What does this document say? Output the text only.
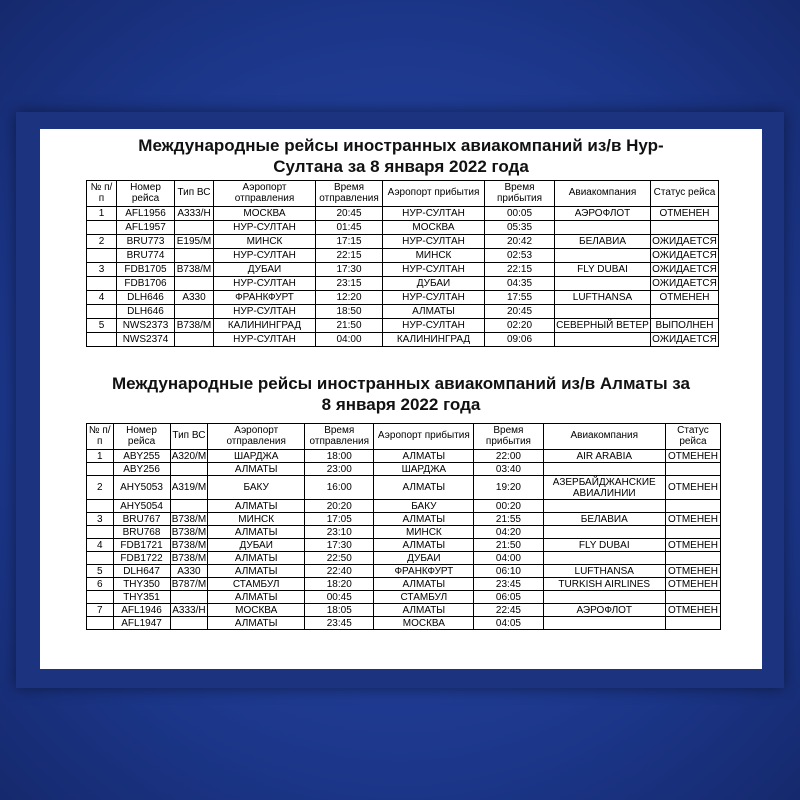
Международные рейсы иностранных авиакомпаний из/в Нур-
Султана за 8 января 2022 года
№ п/п	Номер рейса	Тип ВС	Аэропорт отправления	Время отправления	Аэропорт прибытия	Время прибытия	Авиакомпания	Статус рейса
1	AFL1956	A333/H	МОСКВА	20:45	НУР-СУЛТАН	00:05	АЭРОФЛОТ	ОТМЕНЕН
	AFL1957		НУР-СУЛТАН	01:45	МОСКВА	05:35		
2	BRU773	E195/M	МИНСК	17:15	НУР-СУЛТАН	20:42	БЕЛАВИА	ОЖИДАЕТСЯ
	BRU774		НУР-СУЛТАН	22:15	МИНСК	02:53		ОЖИДАЕТСЯ
3	FDB1705	B738/M	ДУБАИ	17:30	НУР-СУЛТАН	22:15	FLY DUBAI	ОЖИДАЕТСЯ
	FDB1706		НУР-СУЛТАН	23:15	ДУБАИ	04:35		ОЖИДАЕТСЯ
4	DLH646	A330	ФРАНКФУРТ	12:20	НУР-СУЛТАН	17:55	LUFTHANSA	ОТМЕНЕН
	DLH646		НУР-СУЛТАН	18:50	АЛМАТЫ	20:45		
5	NWS2373	B738/M	КАЛИНИНГРАД	21:50	НУР-СУЛТАН	02:20	СЕВЕРНЫЙ ВЕТЕР	ВЫПОЛНЕН
	NWS2374		НУР-СУЛТАН	04:00	КАЛИНИНГРАД	09:06		ОЖИДАЕТСЯ
Международные рейсы иностранных авиакомпаний из/в Алматы за
8 января 2022 года
№ п/п	Номер рейса	Тип ВС	Аэропорт отправления	Время отправления	Аэропорт прибытия	Время прибытия	Авиакомпания	Статус рейса
1	ABY255	A320/M	ШАРДЖА	18:00	АЛМАТЫ	22:00	AIR ARABIA	ОТМЕНЕН
	ABY256		АЛМАТЫ	23:00	ШАРДЖА	03:40		
2	AHY5053	A319/M	БАКУ	16:00	АЛМАТЫ	19:20	АЗЕРБАЙДЖАНСКИЕ АВИАЛИНИИ	ОТМЕНЕН
	AHY5054		АЛМАТЫ	20:20	БАКУ	00:20		
3	BRU767	B738/M	МИНСК	17:05	АЛМАТЫ	21:55	БЕЛАВИА	ОТМЕНЕН
	BRU768	B738/M	АЛМАТЫ	23:10	МИНСК	04:20		
4	FDB1721	B738/M	ДУБАИ	17:30	АЛМАТЫ	21:50	FLY DUBAI	ОТМЕНЕН
	FDB1722	B738/M	АЛМАТЫ	22:50	ДУБАИ	04:00		
5	DLH647	A330	АЛМАТЫ	22:40	ФРАНКФУРТ	06:10	LUFTHANSA	ОТМЕНЕН
6	THY350	B787/M	СТАМБУЛ	18:20	АЛМАТЫ	23:45	TURKISH AIRLINES	ОТМЕНЕН
	THY351		АЛМАТЫ	00:45	СТАМБУЛ	06:05		
7	AFL1946	A333/H	МОСКВА	18:05	АЛМАТЫ	22:45	АЭРОФЛОТ	ОТМЕНЕН
	AFL1947		АЛМАТЫ	23:45	МОСКВА	04:05		
